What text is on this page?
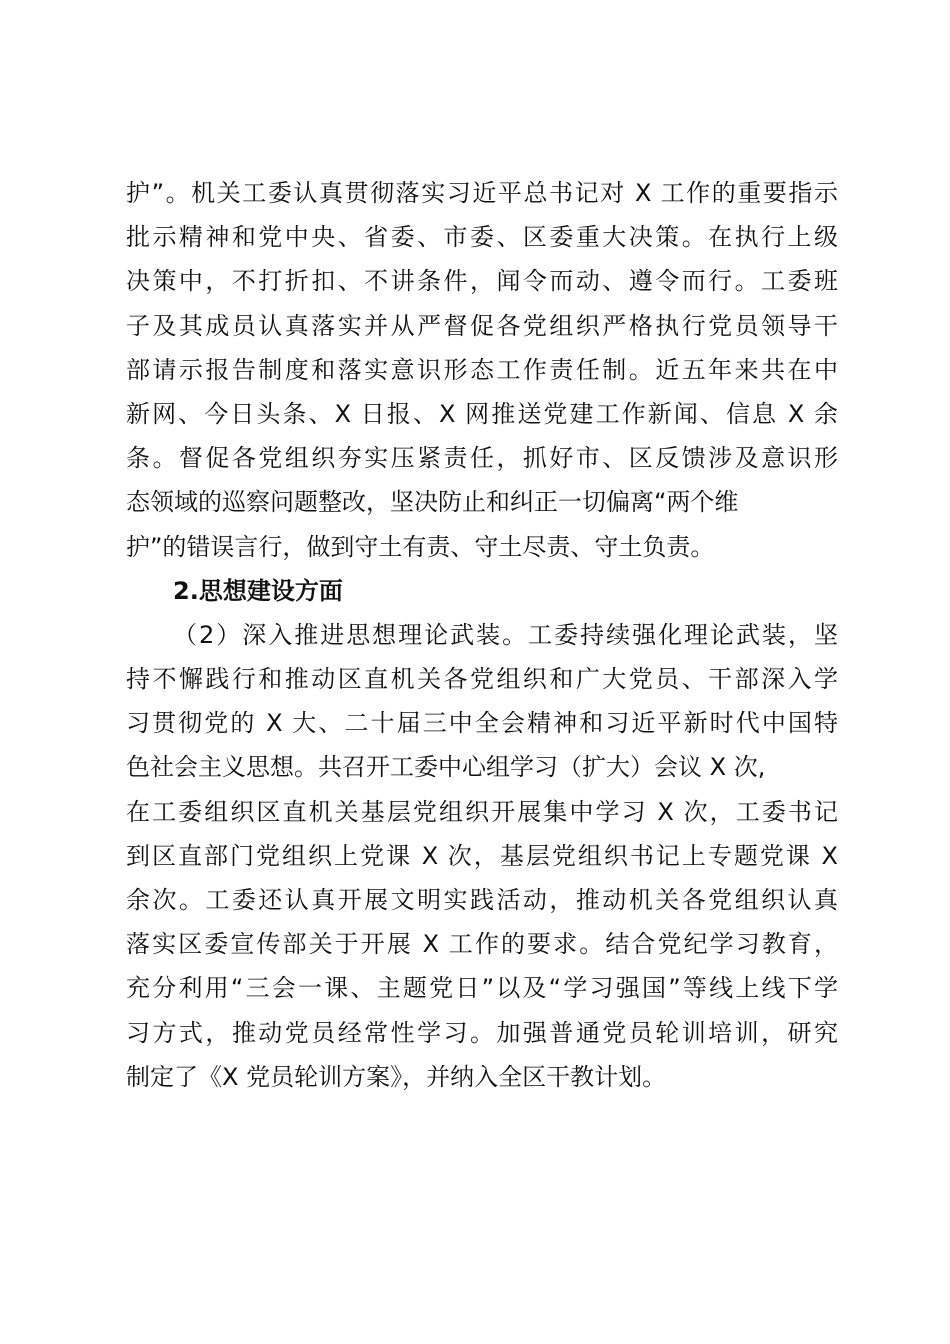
护”。机关工委认真贯彻落实习近平总书记对 X 工作的重要指示
批示精神和党中央、省委、市委、区委重大决策。在执行上级
决策中，不打折扣、不讲条件，闻令而动、遵令而行。工委班
子及其成员认真落实并从严督促各党组织严格执行党员领导干
部请示报告制度和落实意识形态工作责任制。近五年来共在中
新网、今日头条、X 日报、X 网推送党建工作新闻、信息 X 余
条。督促各党组织夯实压紧责任，抓好市、区反馈涉及意识形
态领域的巡察问题整改，坚决防止和纠正一切偏离“两个维
护”的错误言行，做到守土有责、守土尽责、守土负责。
2.思想建设方面
（2）深入推进思想理论武装。工委持续强化理论武装，坚
持不懈践行和推动区直机关各党组织和广大党员、干部深入学
习贯彻党的 X 大、二十届三中全会精神和习近平新时代中国特
色社会主义思想。共召开工委中心组学习（扩大）会议 X 次,
在工委组织区直机关基层党组织开展集中学习 X 次，工委书记
到区直部门党组织上党课 X 次，基层党组织书记上专题党课 X
余次。工委还认真开展文明实践活动，推动机关各党组织认真
落实区委宣传部关于开展 X 工作的要求。结合党纪学习教育，
充分利用“三会一课、主题党日”以及“学习强国”等线上线下学
习方式，推动党员经常性学习。加强普通党员轮训培训，研究
制定了《X 党员轮训方案》，并纳入全区干教计划。
